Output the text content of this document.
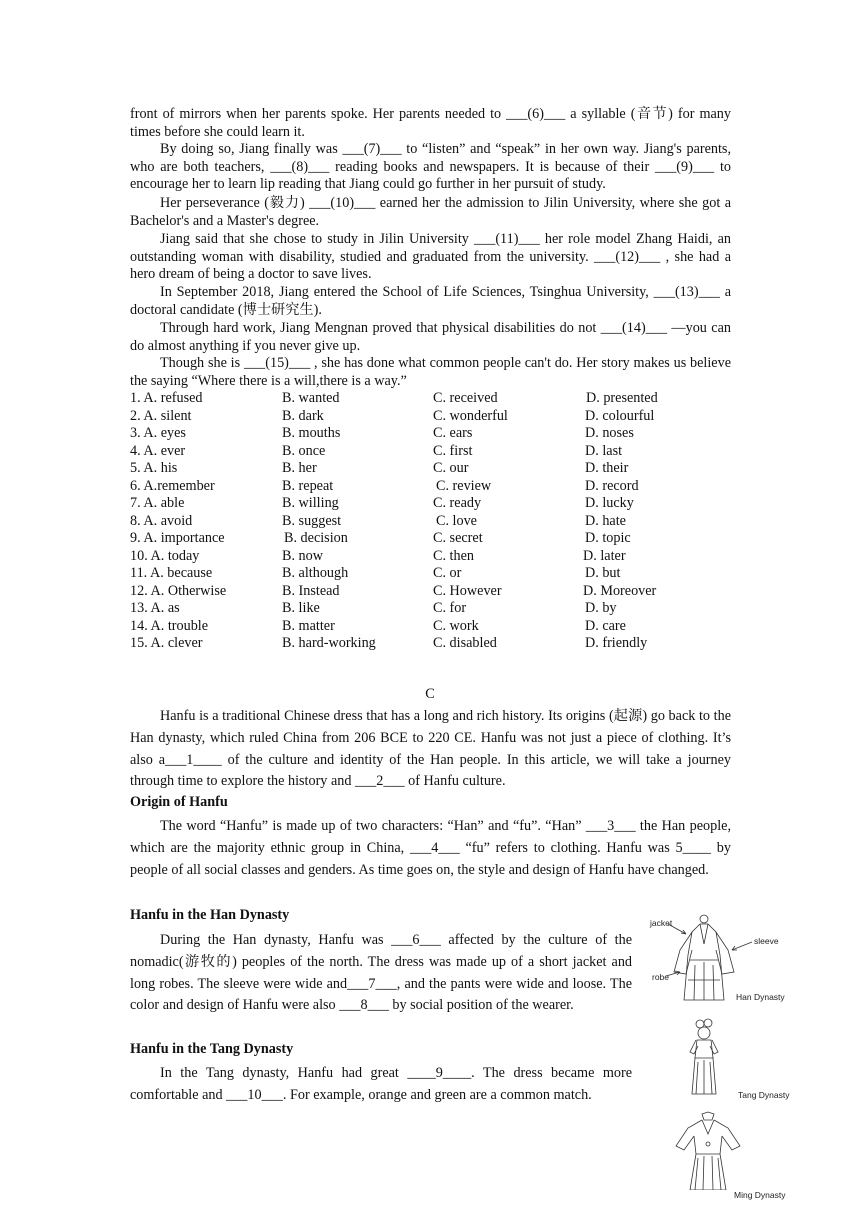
front of mirrors when her parents spoke. Her parents needed to ___(6)___ a syllable (音节) for many times before she could learn it.

By doing so, Jiang finally was ___(7)___ to “listen” and “speak” in her own way. Jiang's parents, who are both teachers, ___(8)___ reading books and newspapers. It is because of their ___(9)___ to encourage her to learn lip reading that Jiang could go further in her pursuit of study.

Her perseverance (毅力) ___(10)___ earned her the admission to Jilin University, where she got a Bachelor's and a Master's degree.

Jiang said that she chose to study in Jilin University ___(11)___ her role model Zhang Haidi, an outstanding woman with disability, studied and graduated from the university. ___(12)___ , she had a hero dream of being a doctor to save lives.

In September 2018, Jiang entered the School of Life Sciences, Tsinghua University, ___(13)___ a doctoral candidate (博士研究生).

Through hard work, Jiang Mengnan proved that physical disabilities do not ___(14)___ —you can do almost anything if you never give up.

Though she is ___(15)___ , she has done what common people can't do. Her story makes us believe the saying “Where there is a will,there is a way.”

1. A. refused	B. wanted	C. received	D. presented
2. A. silent	B. dark	C. wonderful	D. colourful
3. A. eyes	B. mouths	C. ears	D. noses
4. A. ever	B. once	C. first	D. last
5. A. his	B. her	C. our	D. their
6. A.remember	B. repeat	C. review	D. record
7. A. able	B. willing	C. ready	D. lucky
8. A. avoid	B. suggest	C. love	D. hate
9. A. importance	B. decision	C. secret	D. topic
10. A. today	B. now	C. then	D. later
11. A. because	B. although	C. or	D. but
12. A. Otherwise	B. Instead	C. However	D. Moreover
13. A. as	B. like	C. for	D. by
14. A. trouble	B. matter	C. work	D. care
15. A. clever	B. hard-working	C. disabled	D. friendly
C

Hanfu is a traditional Chinese dress that has a long and rich history. Its origins (起源) go back to the Han dynasty, which ruled China from 206 BCE to 220 CE. Hanfu was not just a piece of clothing. It’s also a___1____ of the culture and identity of the Han people. In this article, we will take a journey through time to explore the history and ___2___ of Hanfu culture.

Origin of Hanfu

The word “Hanfu” is made up of two characters: “Han” and “fu”. “Han” ___3___ the Han people, which are the majority ethnic group in China, ___4___ “fu” refers to clothing. Hanfu was 5____ by people of all social classes and genders. As time goes on, the style and design of Hanfu have changed.

Hanfu in the Han Dynasty

During the Han dynasty, Hanfu was ___6___ affected by the culture of the nomadic(游牧的) peoples of the north. The dress was made up of a short jacket and long robes. The sleeve were wide and___7___, and the pants were wide and loose. The color and design of Hanfu were also ___8___ by social position of the wearer.

Hanfu in the Tang Dynasty

In the Tang dynasty, Hanfu had great ____9____. The dress became more comfortable and ___10___. For example, orange and green are a common match.

jacket
sleeve
robe
Han Dynasty
Tang Dynasty
Ming Dynasty
